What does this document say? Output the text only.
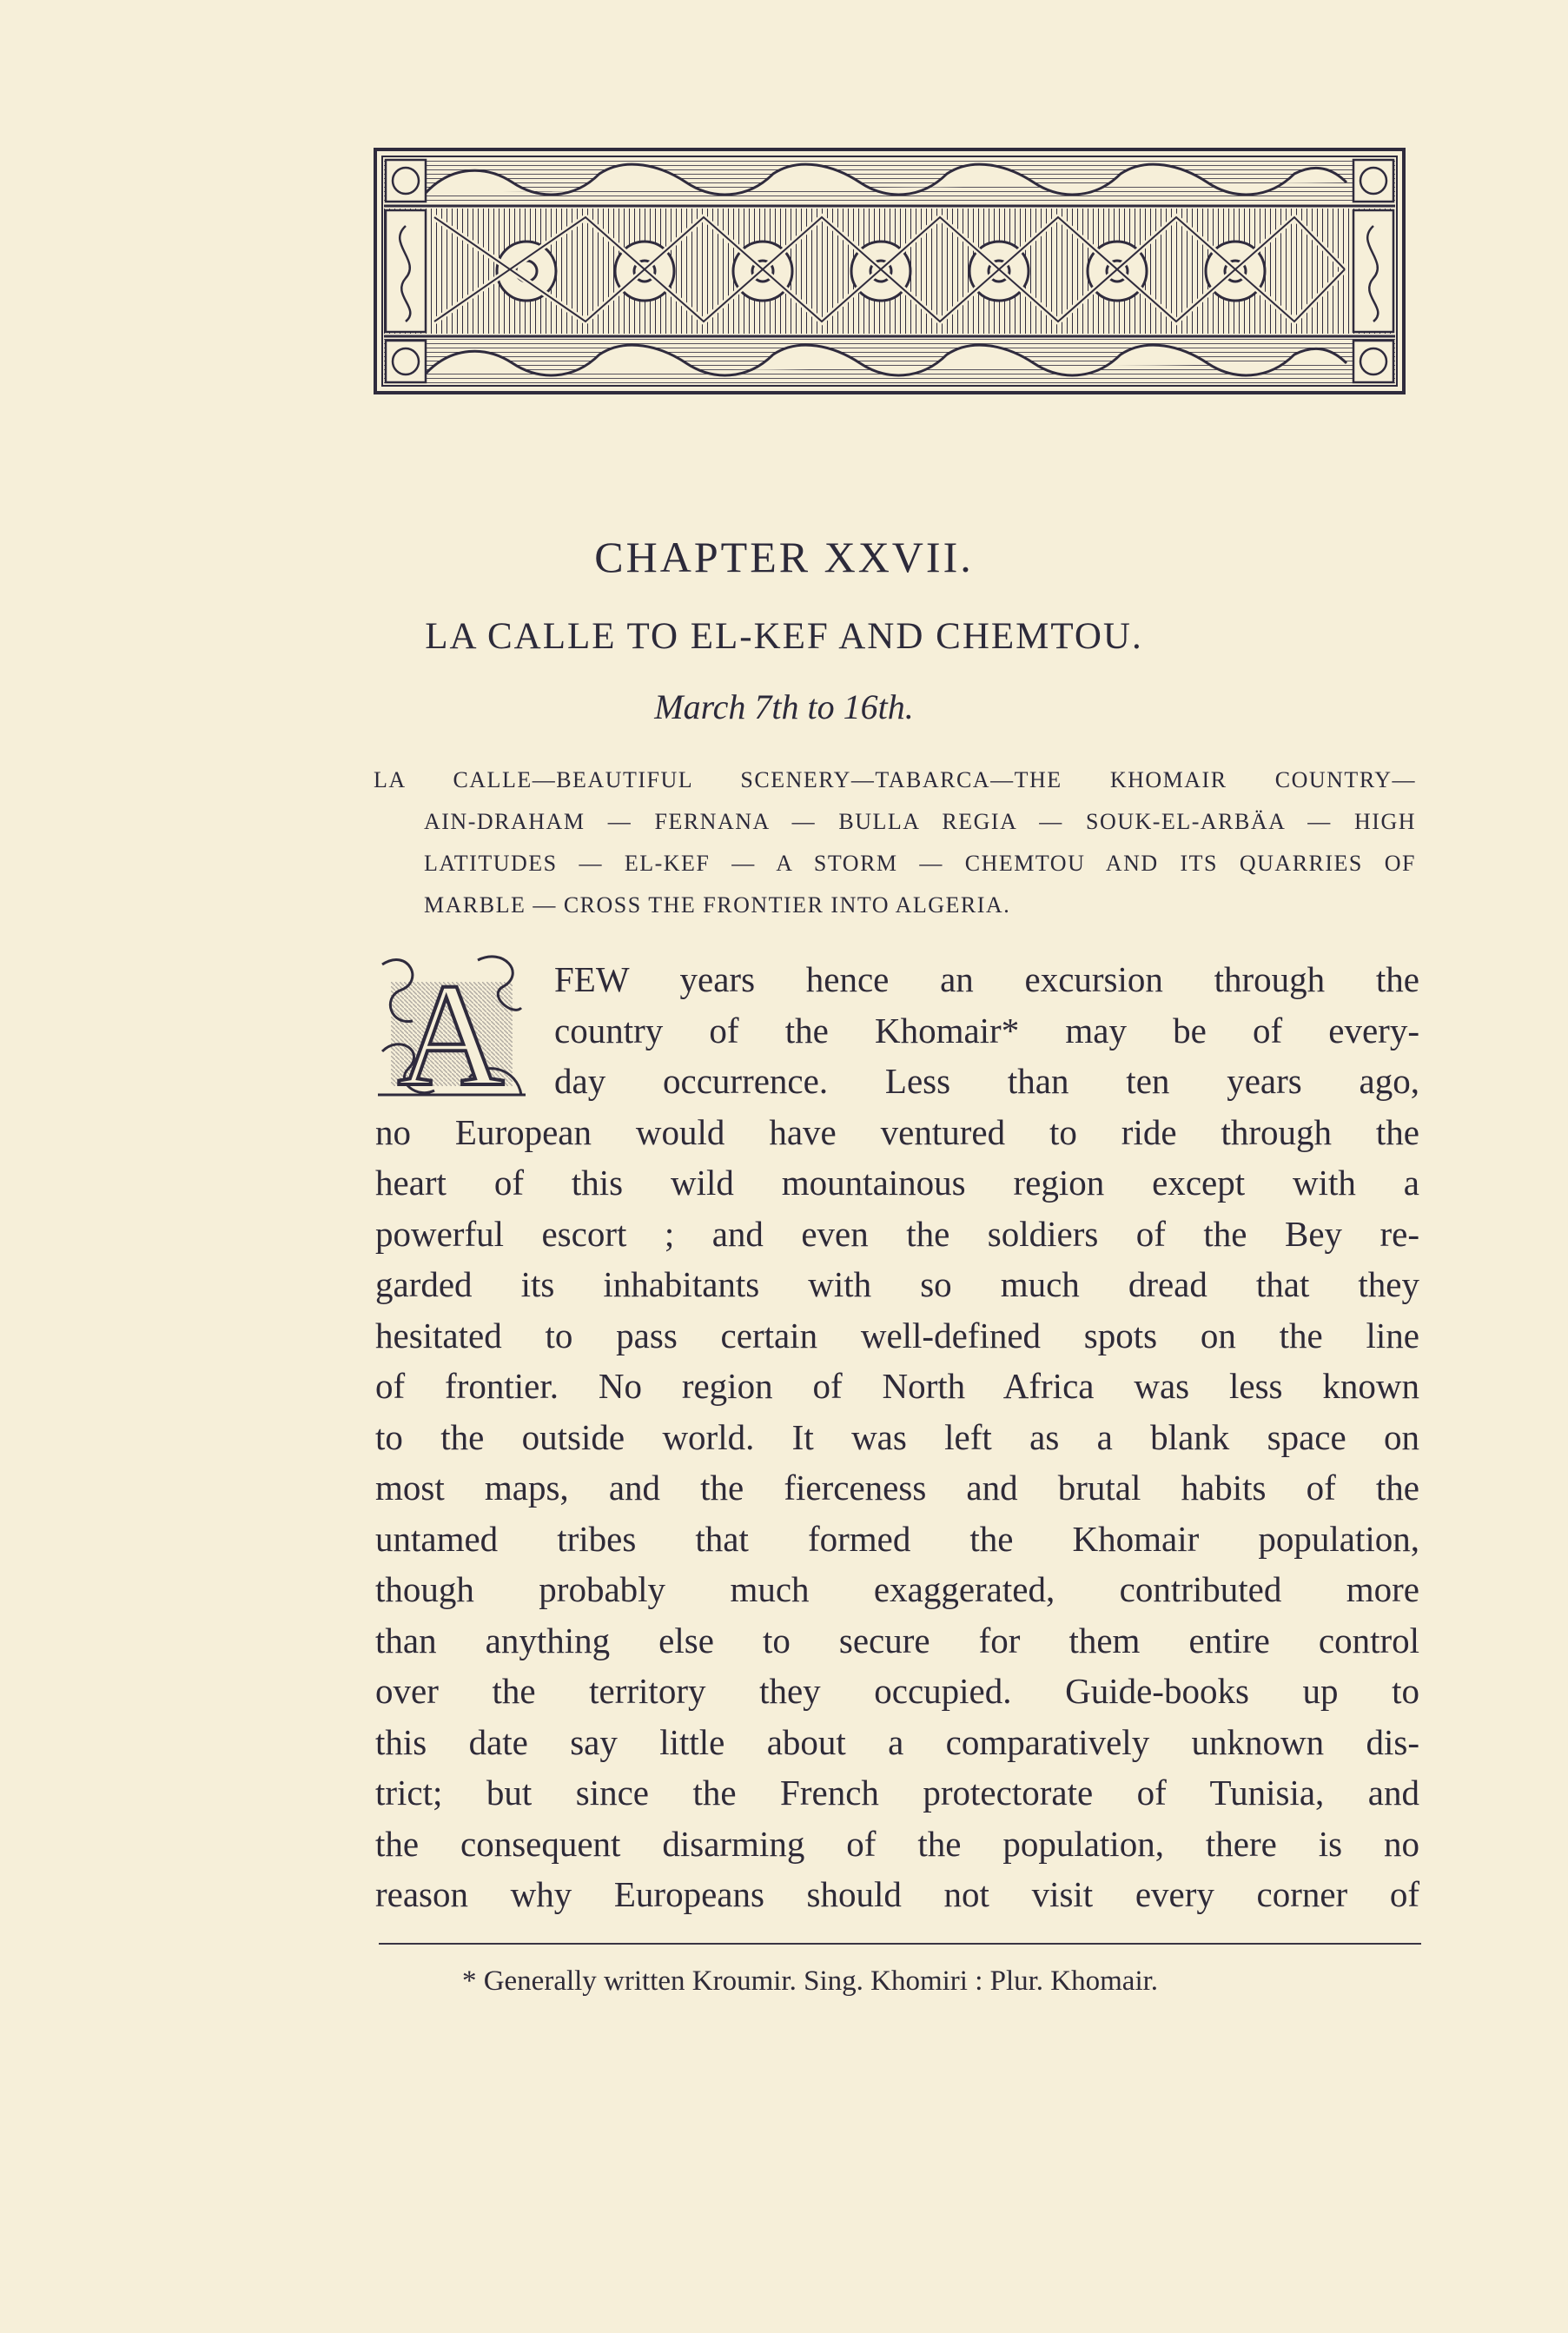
CHAPTER XXVII.
LA CALLE TO EL-KEF AND CHEMTOU.
March 7th to 16th.
LA CALLE—BEAUTIFUL SCENERY—TABARCA—THE KHOMAIR COUNTRY—
AIN-DRAHAM — FERNANA — BULLA REGIA — SOUK-EL-ARBÄA — HIGH
LATITUDES — EL-KEF — A STORM — CHEMTOU AND ITS QUARRIES OF
MARBLE — CROSS THE FRONTIER INTO ALGERIA.
A	FEW years hence an excursion through the
country of the Khomair* may be of every-
day occurrence. Less than ten years ago,
no European would have ventured to ride through the
heart of this wild mountainous region except with a
powerful escort ; and even the soldiers of the Bey re-
garded its inhabitants with so much dread that they
hesitated to pass certain well-defined spots on the line
of frontier. No region of North Africa was less known
to the outside world. It was left as a blank space on
most maps, and the fierceness and brutal habits of the
untamed tribes that formed the Khomair population,
though probably much exaggerated, contributed more
than anything else to secure for them entire control
over the territory they occupied. Guide-books up to
this date say little about a comparatively unknown dis-
trict; but since the French protectorate of Tunisia, and
the consequent disarming of the population, there is no
reason why Europeans should not visit every corner of
* Generally written Kroumir. Sing. Khomiri : Plur. Khomair.
